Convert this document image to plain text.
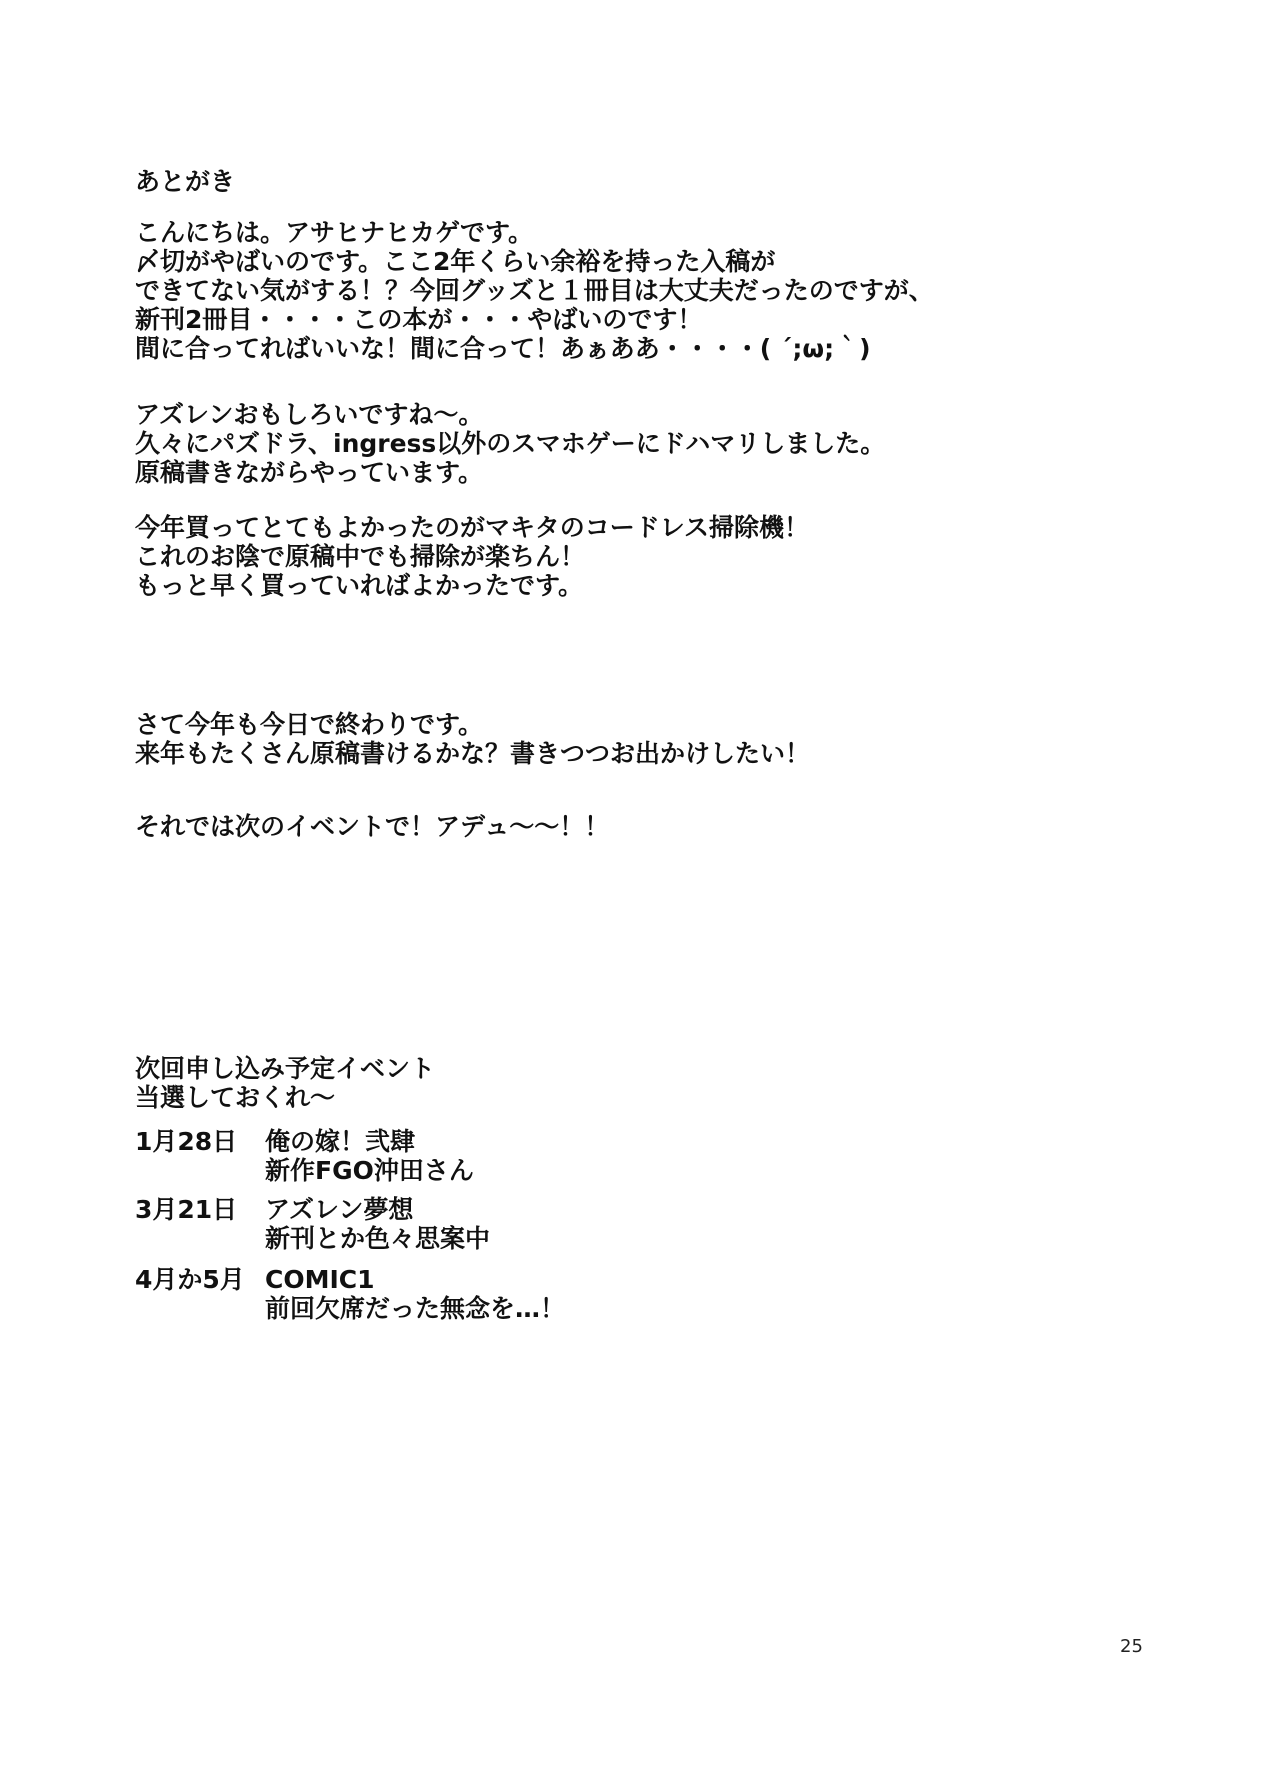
あとがき
こんにちは。アサヒナヒカゲです。
〆切がやばいのです。ここ2年くらい余裕を持った入稿が
できてない気がする！？今回グッズと１冊目は大丈夫だったのですが、
新刊2冊目・・・・この本が・・・やばいのです！
間に合ってればいいな！間に合って！あぁああ・・・・( ´;ω;｀)
アズレンおもしろいですね～。
久々にパズドラ、ingress以外のスマホゲーにドハマリしました。
原稿書きながらやっています。
今年買ってとてもよかったのがマキタのコードレス掃除機！
これのお陰で原稿中でも掃除が楽ちん！
もっと早く買っていればよかったです。
さて今年も今日で終わりです。
来年もたくさん原稿書けるかな？書きつつお出かけしたい！
それでは次のイベントで！アデュ～～！！
次回申し込み予定イベント
当選しておくれ～
1月28日 俺の嫁！弐肆
新作FGO沖田さん
3月21日 アズレン夢想
新刊とか色々思案中
4月か5月 COMIC1
前回欠席だった無念を…！
25
